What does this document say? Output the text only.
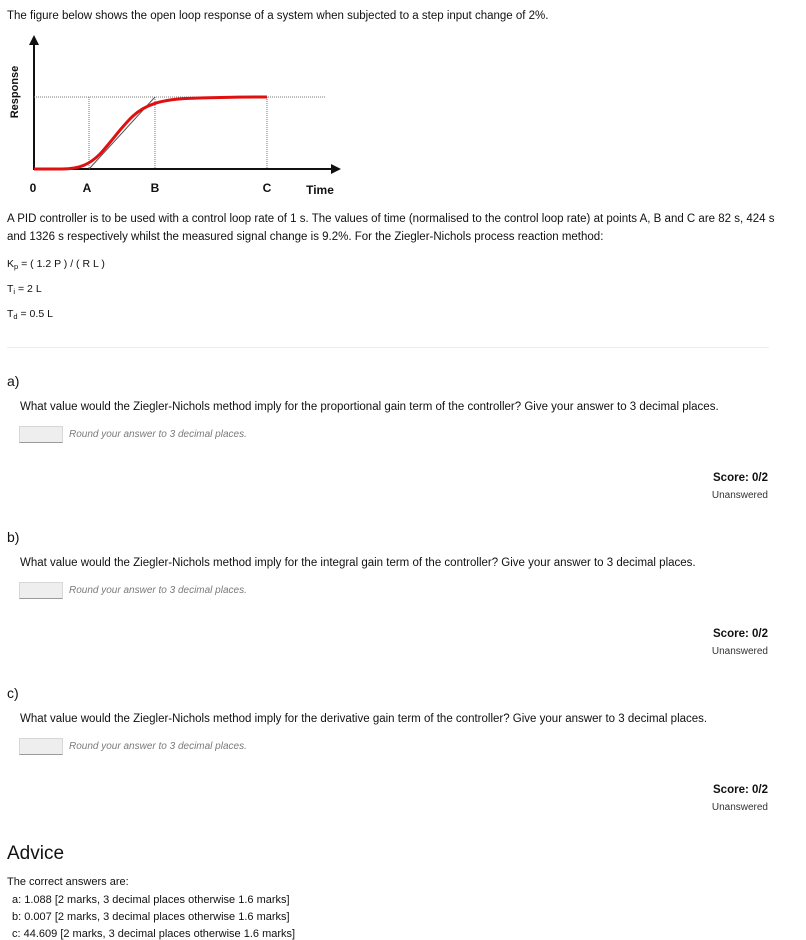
The figure below shows the open loop response of a system when subjected to a step input change of 2%.
Response
0	A	B	C	Time
A PID controller is to be used with a control loop rate of 1 s. The values of time (normalised to the control loop rate) at points A, B and C are 82 s, 424 s
and 1326 s respectively whilst the measured signal change is 9.2%. For the Ziegler-Nichols process reaction method:
$K_p$ = ( 1.2 P ) / ( R L )
$T_i = 2$ L
$T_d = 0.5$ L
a)
What value would the Ziegler-Nichols method imply for the proportional gain term of the controller? Give your answer to 3 decimal places.
Round your answer to 3 decimal places.
Score: 0/2
Unanswered
b)
What value would the Ziegler-Nichols method imply for the integral gain term of the controller? Give your answer to 3 decimal places.
Round your answer to 3 decimal places.
Score: 0/2
Unanswered
c)
What value would the Ziegler-Nichols method imply for the derivative gain term of the controller? Give your answer to 3 decimal places.
Round your answer to 3 decimal places.
Score: 0/2
Unanswered
Advice
The correct answers are:
a: 1.088 [2 marks, 3 decimal places otherwise 1.6 marks]
b: 0.007 [2 marks, 3 decimal places otherwise 1.6 marks]
c: 44.609 [2 marks, 3 decimal places otherwise 1.6 marks]
